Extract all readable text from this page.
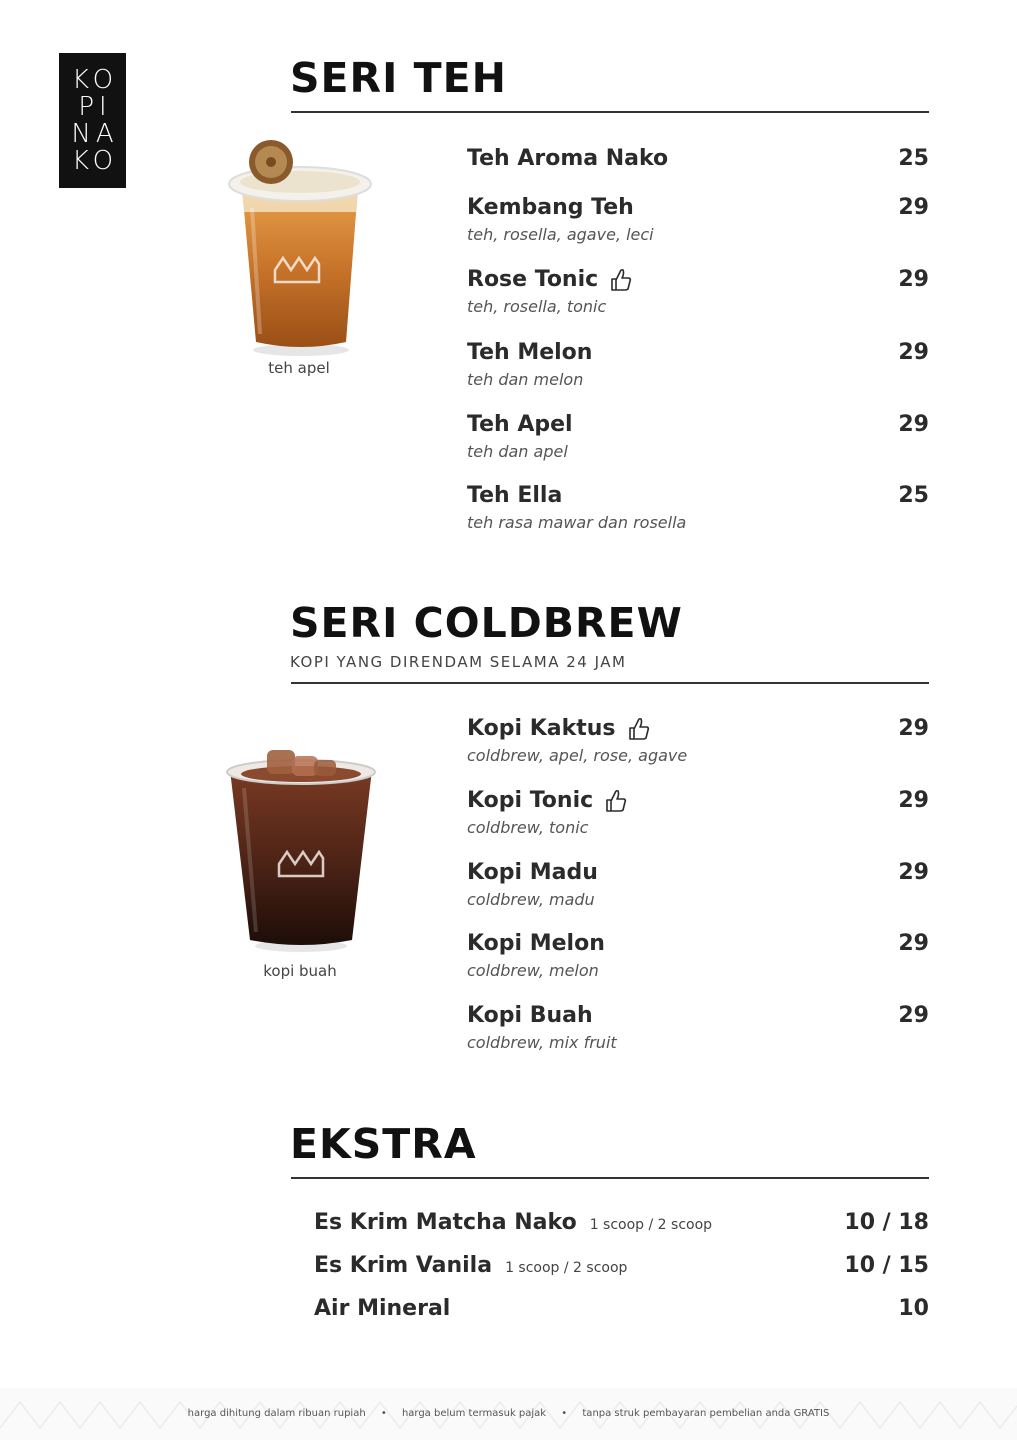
KO
PI
NA
KO
SERI TEH
teh apel
Teh Aroma Nako	25
Kembang Teh	29
teh, rosella, agave, leci
Rose Tonic	29
teh, rosella, tonic
Teh Melon	29
teh dan melon
Teh Apel	29
teh dan apel
Teh Ella	25
teh rasa mawar dan rosella
SERI COLDBREW
KOPI YANG DIRENDAM SELAMA 24 JAM
kopi buah
Kopi Kaktus	29
coldbrew, apel, rose, agave
Kopi Tonic	29
coldbrew, tonic
Kopi Madu	29
coldbrew, madu
Kopi Melon	29
coldbrew, melon
Kopi Buah	29
coldbrew, mix fruit
EKSTRA
Es Krim Matcha Nako 1 scoop / 2 scoop	10 / 18
Es Krim Vanila 1 scoop / 2 scoop	10 / 15
Air Mineral	10
harga dihitung dalam ribuan rupiah • harga belum termasuk pajak • tanpa struk pembayaran pembelian anda GRATIS
